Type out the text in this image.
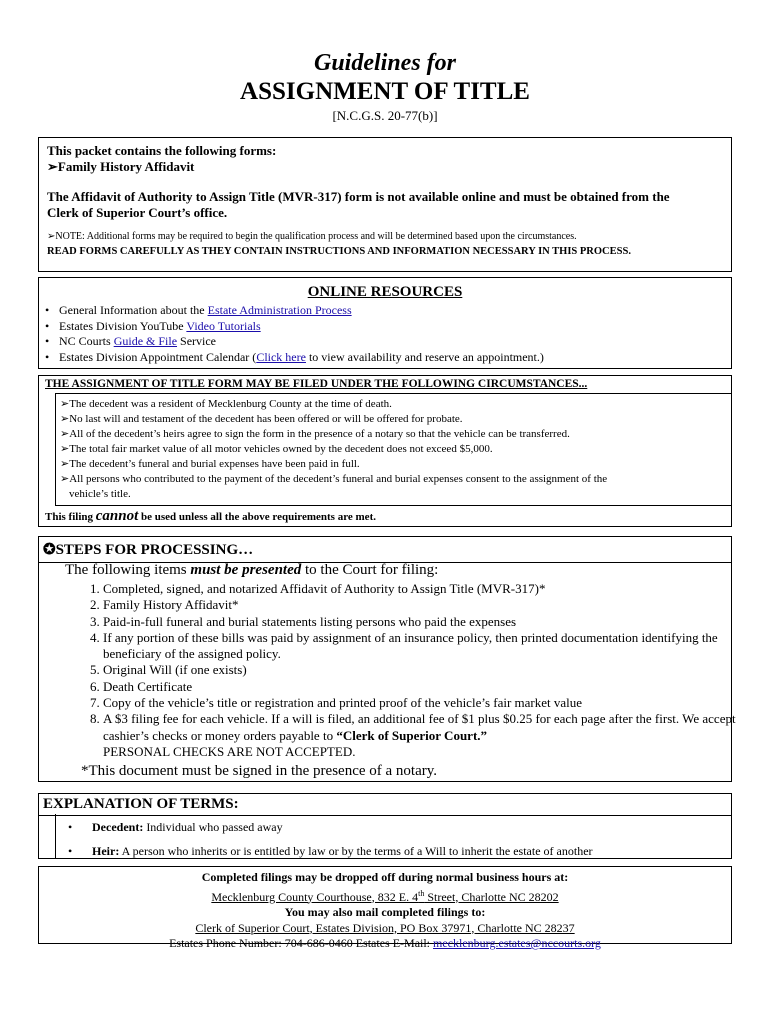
Guidelines for
ASSIGNMENT OF TITLE
[N.C.G.S. 20-77(b)]

This packet contains the following forms:

➢Family History Affidavit

The Affidavit of Authority to Assign Title (MVR-317) form is not available online and must be obtained from the

Clerk of Superior Court’s office.

➢NOTE: Additional forms may be required to begin the qualification process and will be determined based upon the circumstances.

READ FORMS CAREFULLY AS THEY CONTAIN INSTRUCTIONS AND INFORMATION NECESSARY IN THIS PROCESS.

ONLINE RESOURCES
• General Information about the Estate Administration Process
• Estates Division YouTube Video Tutorials
• NC Courts Guide & File Service
• Estates Division Appointment Calendar (Click here to view availability and reserve an appointment.)
THE ASSIGNMENT OF TITLE FORM MAY BE FILED UNDER THE FOLLOWING CIRCUMSTANCES...
➢The decedent was a resident of Mecklenburg County at the time of death.
➢No last will and testament of the decedent has been offered or will be offered for probate.
➢All of the decedent’s heirs agree to sign the form in the presence of a notary so that the vehicle can be transferred.
➢The total fair market value of all motor vehicles owned by the decedent does not exceed $5,000.
➢The decedent’s funeral and burial expenses have been paid in full.
➢All persons who contributed to the payment of the decedent’s funeral and burial expenses consent to the assignment of the
vehicle’s title.
This filing cannot be used unless all the above requirements are met.
✪STEPS FOR PROCESSING…
The following items must be presented to the Court for filing:
1. Completed, signed, and notarized Affidavit of Authority to Assign Title (MVR-317)*
2. Family History Affidavit*
3. Paid-in-full funeral and burial statements listing persons who paid the expenses
4. If any portion of these bills was paid by assignment of an insurance policy, then printed documentation identifying the beneficiary of the assigned policy.
5. Original Will (if one exists)
6. Death Certificate
7. Copy of the vehicle’s title or registration and printed proof of the vehicle’s fair market value
8. A $3 filing fee for each vehicle. If a will is filed, an additional fee of $1 plus $0.25 for each page after the first. We accept cashier’s checks or money orders payable to “Clerk of Superior Court.”
PERSONAL CHECKS ARE NOT ACCEPTED.
*This document must be signed in the presence of a notary.
EXPLANATION OF TERMS:
• Decedent: Individual who passed away
• Heir: A person who inherits or is entitled by law or by the terms of a Will to inherit the estate of another
Completed filings may be dropped off during normal business hours at:
Mecklenburg County Courthouse, 832 E. 4th Street, Charlotte NC 28202
You may also mail completed filings to:
Clerk of Superior Court, Estates Division, PO Box 37971, Charlotte NC 28237
Estates Phone Number: 704-686-0460 Estates E-Mail: mecklenburg.estates@nccourts.org
